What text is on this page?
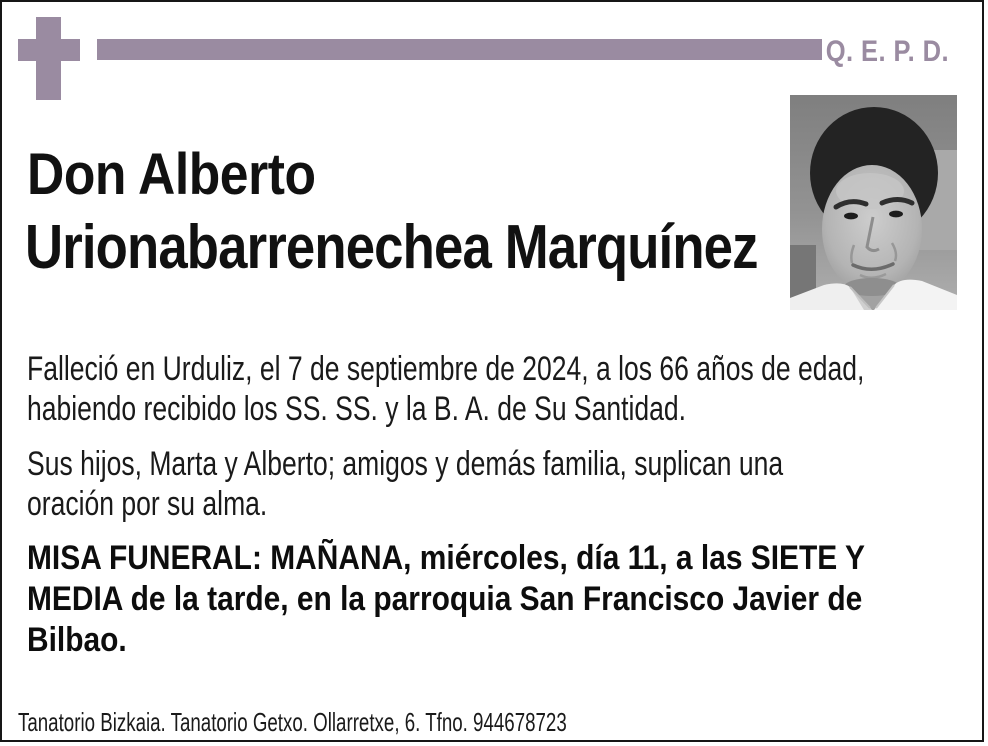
Q. E. P. D.
Don Alberto
Urionabarrenechea Marquínez
Falleció en Urduliz, el 7 de septiembre de 2024, a los 66 años de edad,
habiendo recibido los SS. SS. y la B. A. de Su Santidad.
Sus hijos, Marta y Alberto; amigos y demás familia, suplican una
oración por su alma.
MISA FUNERAL: MAÑANA, miércoles, día 11, a las SIETE Y
MEDIA de la tarde, en la parroquia San Francisco Javier de
Bilbao.
Tanatorio Bizkaia. Tanatorio Getxo. Ollarretxe, 6. Tfno. 944678723
